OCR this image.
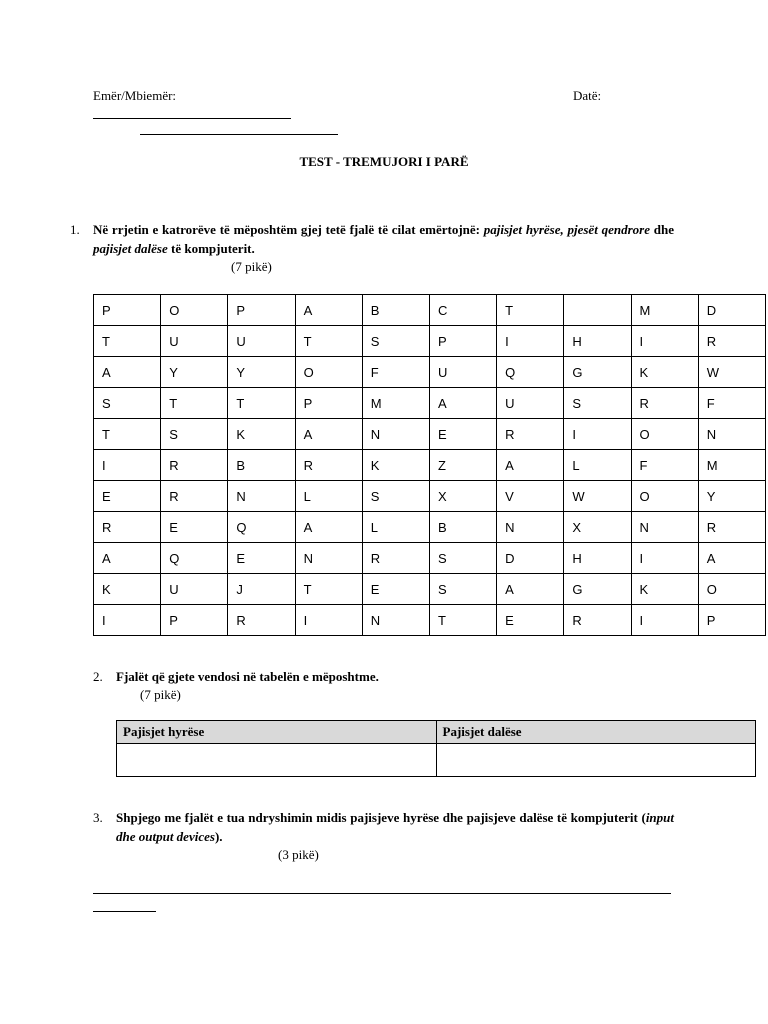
Emër/Mbiemër:	Datë:
TEST - TREMUJORI I PARË
1. Në rrjetin e katrorëve të mëposhtëm gjej tetë fjalë të cilat emërtojnë: pajisjet hyrëse, pjesët qendrore dhe pajisjet dalëse të kompjuterit.
(7 pikë)
P	O	P	A	B	C	T		M	D
T	U	U	T	S	P	I	H	I	R
A	Y	Y	O	F	U	Q	G	K	W
S	T	T	P	M	A	U	S	R	F
T	S	K	A	N	E	R	I	O	N
I	R	B	R	K	Z	A	L	F	M
E	R	N	L	S	X	V	W	O	Y
R	E	Q	A	L	B	N	X	N	R
A	Q	E	N	R	S	D	H	I	A
K	U	J	T	E	S	A	G	K	O
I	P	R	I	N	T	E	R	I	P
2. Fjalët që gjete vendosi në tabelën e mëposhtme.
(7 pikë)
Pajisjet hyrëse	Pajisjet dalëse

3. Shpjego me fjalët e tua ndryshimin midis pajisjeve hyrëse dhe pajisjeve dalëse të kompjuterit (input dhe output devices).
(3 pikë)
